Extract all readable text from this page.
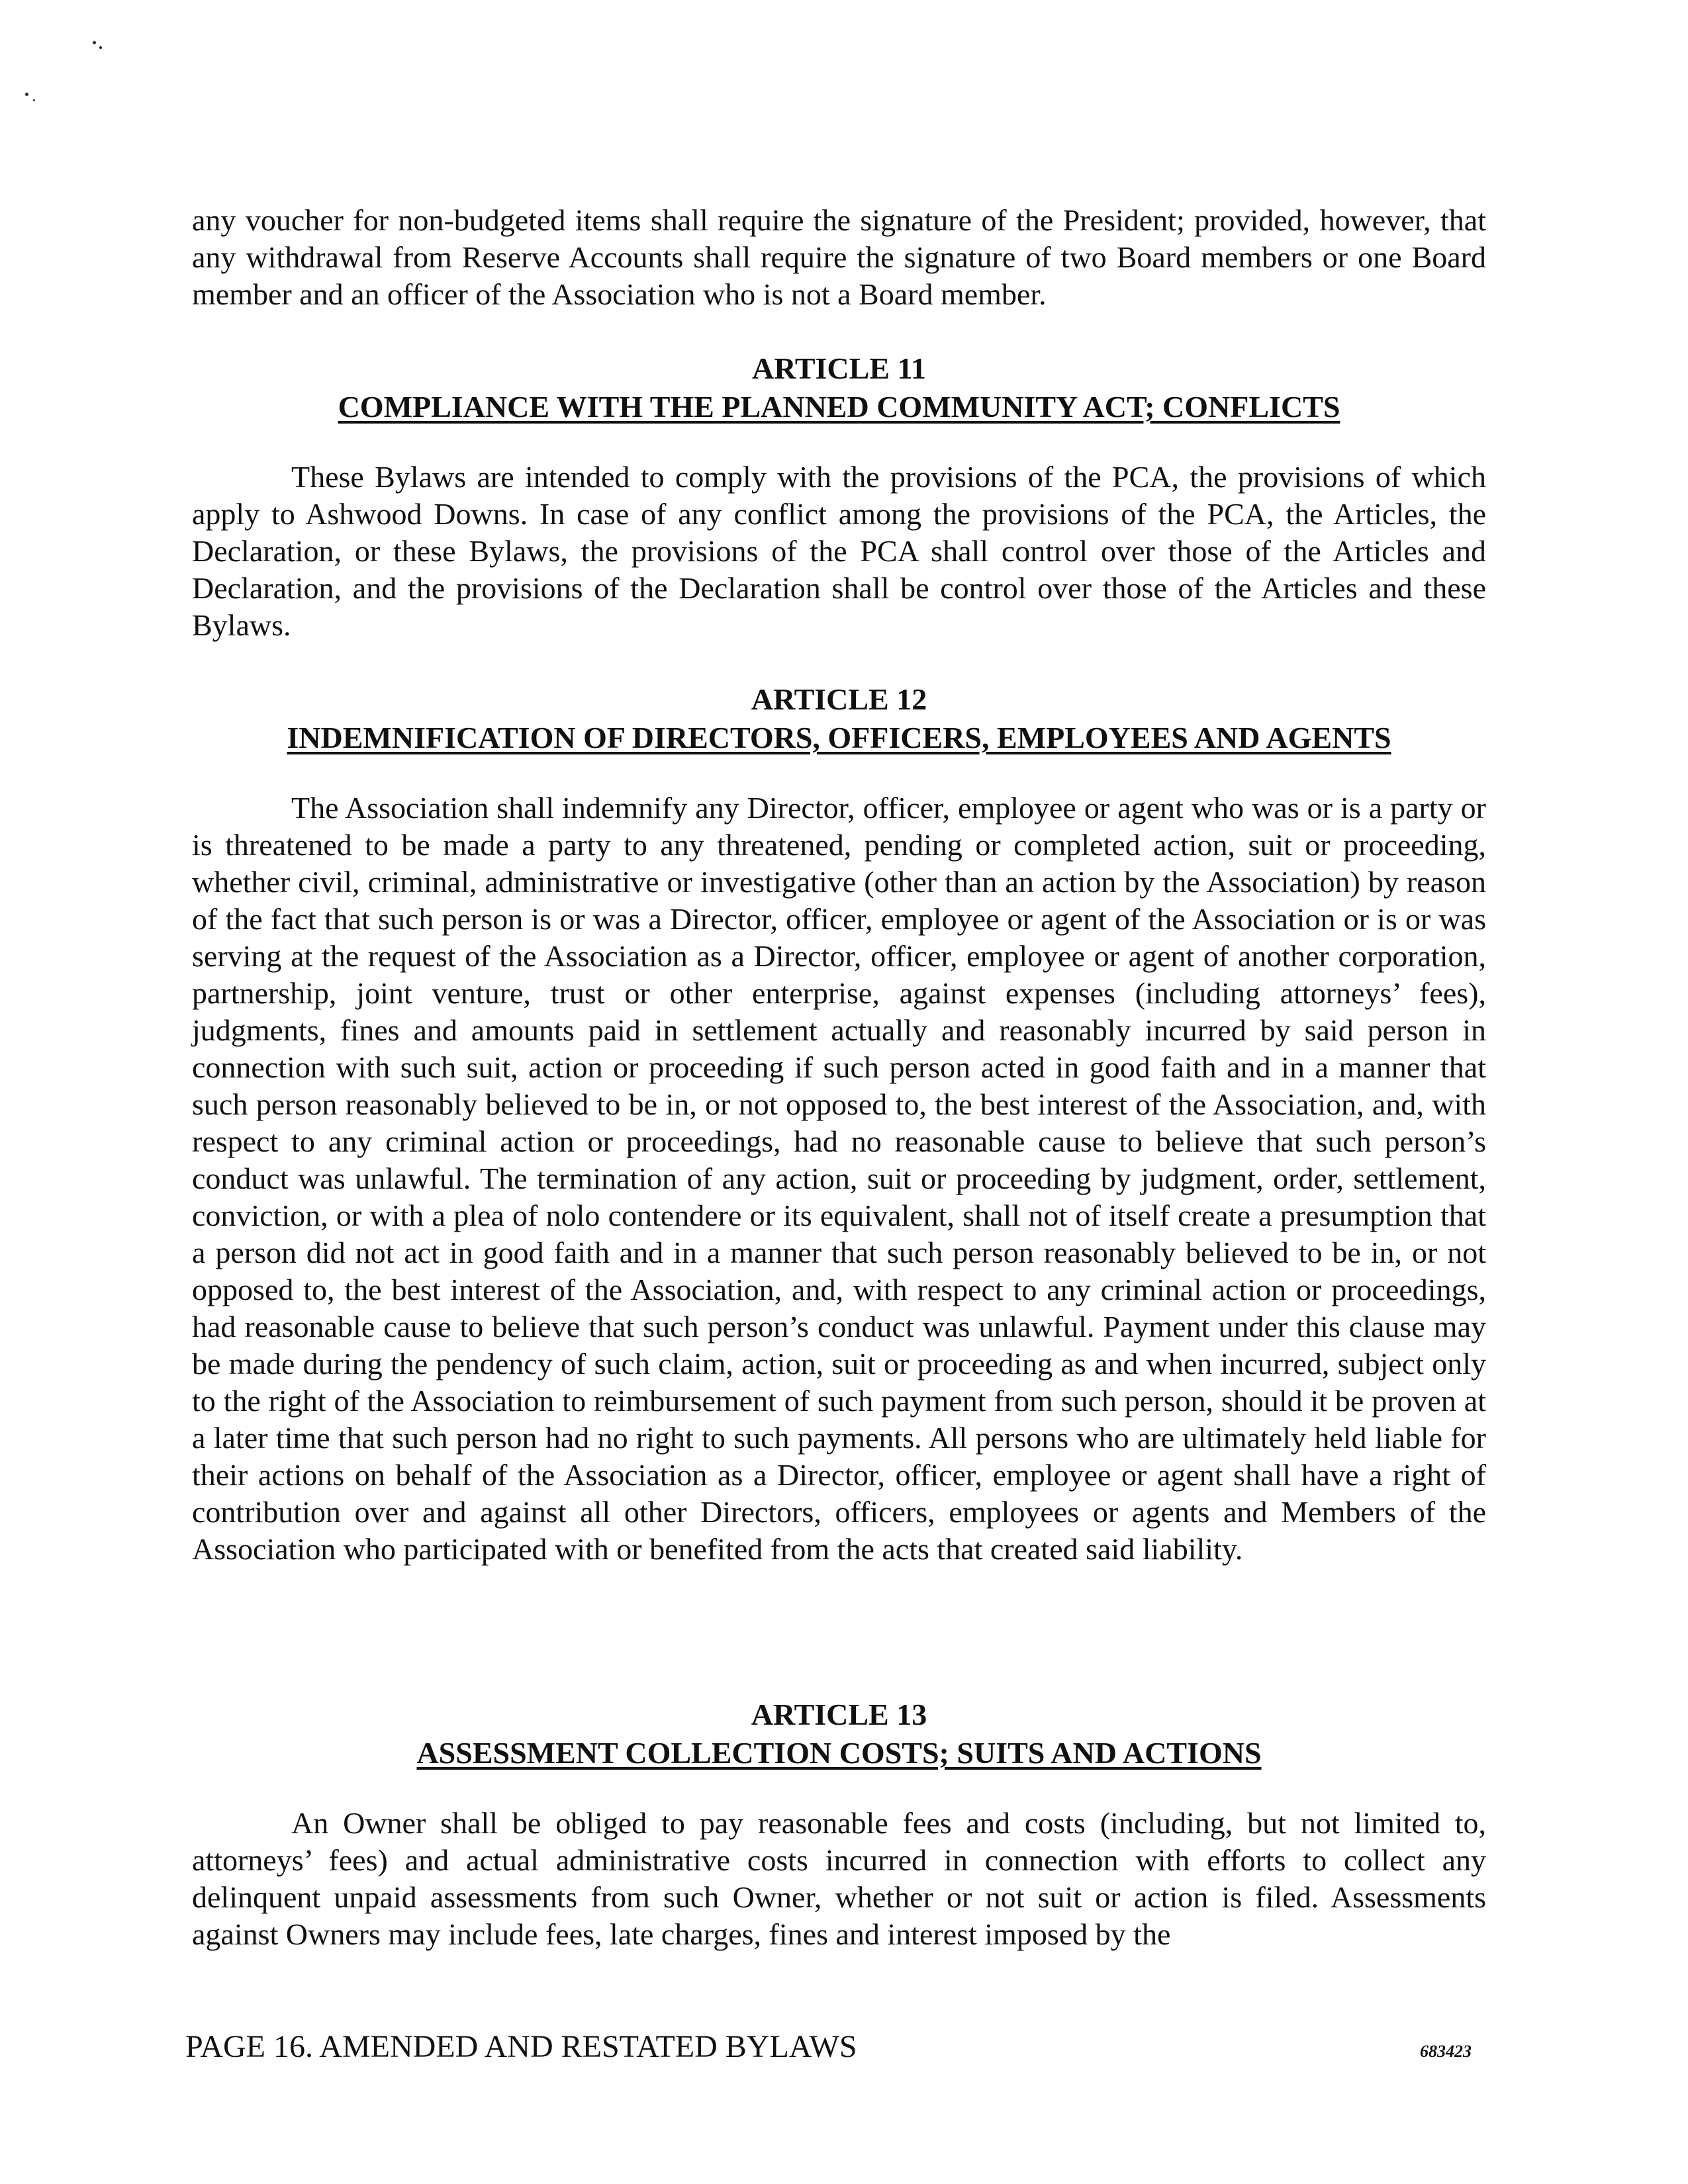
any voucher for non-budgeted items shall require the signature of the President; provided, however, that any withdrawal from Reserve Accounts shall require the signature of two Board members or one Board member and an officer of the Association who is not a Board member.

ARTICLE 11
COMPLIANCE WITH THE PLANNED COMMUNITY ACT; CONFLICTS

These Bylaws are intended to comply with the provisions of the PCA, the provisions of which apply to Ashwood Downs. In case of any conflict among the provisions of the PCA, the Articles, the Declaration, or these Bylaws, the provisions of the PCA shall control over those of the Articles and Declaration, and the provisions of the Declaration shall be control over those of the Articles and these Bylaws.

ARTICLE 12
INDEMNIFICATION OF DIRECTORS, OFFICERS, EMPLOYEES AND AGENTS

The Association shall indemnify any Director, officer, employee or agent who was or is a party or is threatened to be made a party to any threatened, pending or completed action, suit or proceeding, whether civil, criminal, administrative or investigative (other than an action by the Association) by reason of the fact that such person is or was a Director, officer, employee or agent of the Association or is or was serving at the request of the Association as a Director, officer, employee or agent of another corporation, partnership, joint venture, trust or other enterprise, against expenses (including attorneys’ fees), judgments, fines and amounts paid in settlement actually and reasonably incurred by said person in connection with such suit, action or proceeding if such person acted in good faith and in a manner that such person reasonably believed to be in, or not opposed to, the best interest of the Association, and, with respect to any criminal action or proceedings, had no reasonable cause to believe that such person’s conduct was unlawful. The termination of any action, suit or proceeding by judgment, order, settlement, conviction, or with a plea of nolo contendere or its equivalent, shall not of itself create a presumption that a person did not act in good faith and in a manner that such person reasonably believed to be in, or not opposed to, the best interest of the Association, and, with respect to any criminal action or proceedings, had reasonable cause to believe that such person’s conduct was unlawful. Payment under this clause may be made during the pendency of such claim, action, suit or proceeding as and when incurred, subject only to the right of the Association to reimbursement of such payment from such person, should it be proven at a later time that such person had no right to such payments. All persons who are ultimately held liable for their actions on behalf of the Association as a Director, officer, employee or agent shall have a right of contribution over and against all other Directors, officers, employees or agents and Members of the Association who participated with or benefited from the acts that created said liability.

ARTICLE 13
ASSESSMENT COLLECTION COSTS; SUITS AND ACTIONS

An Owner shall be obliged to pay reasonable fees and costs (including, but not limited to, attorneys’ fees) and actual administrative costs incurred in connection with efforts to collect any delinquent unpaid assessments from such Owner, whether or not suit or action is filed. Assessments against Owners may include fees, late charges, fines and interest imposed by the

PAGE 16. AMENDED AND RESTATED BYLAWS	683423
